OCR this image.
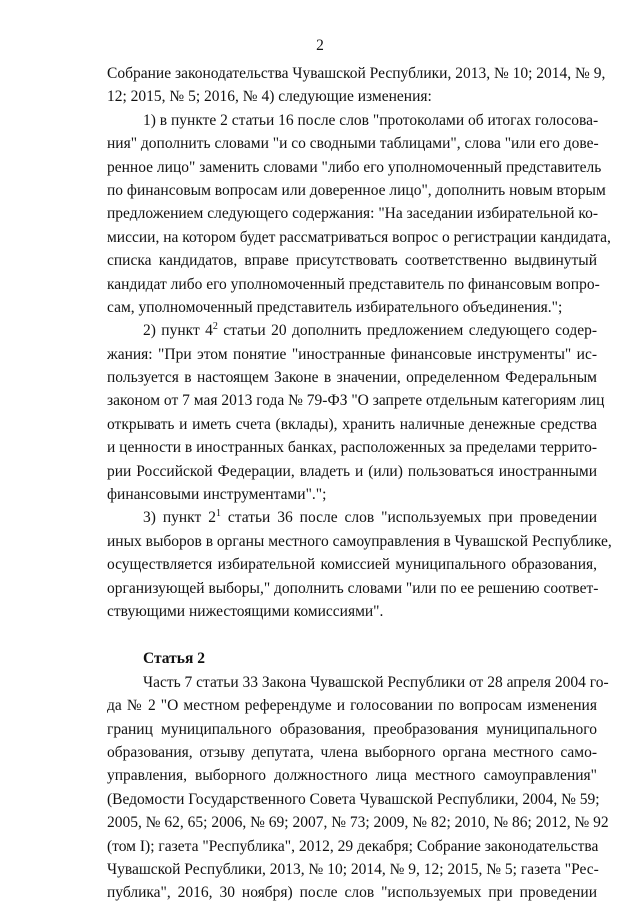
2
Собрание законодательства Чувашской Республики, 2013, № 10; 2014, № 9,
12; 2015, № 5; 2016, № 4) следующие изменения:
1) в пункте 2 статьи 16 после слов "протоколами об итогах голосова-
ния" дополнить словами "и со сводными таблицами", слова "или его дове-
ренное лицо" заменить словами "либо его уполномоченный представитель
по финансовым вопросам или доверенное лицо", дополнить новым вторым
предложением следующего содержания: "На заседании избирательной ко-
миссии, на котором будет рассматриваться вопрос о регистрации кандидата,
списка кандидатов, вправе присутствовать соответственно выдвинутый
кандидат либо его уполномоченный представитель по финансовым вопро-
сам, уполномоченный представитель избирательного объединения.";
2) пункт $4^2$ статьи 20 дополнить предложением следующего содер-
жания: "При этом понятие "иностранные финансовые инструменты" ис-
пользуется в настоящем Законе в значении, определенном Федеральным
законом от 7 мая 2013 года № 79-ФЗ "О запрете отдельным категориям лиц
открывать и иметь счета (вклады), хранить наличные денежные средства
и ценности в иностранных банках, расположенных за пределами террито-
рии Российской Федерации, владеть и (или) пользоваться иностранными
финансовыми инструментами".";
3) пункт $2^1$ статьи 36 после слов "используемых при проведении
иных выборов в органы местного самоуправления в Чувашской Республике,
осуществляется избирательной комиссией муниципального образования,
организующей выборы," дополнить словами "или по ее решению соответ-
ствующими нижестоящими комиссиями".
Статья 2
Часть 7 статьи 33 Закона Чувашской Республики от 28 апреля 2004 го-
да № 2 "О местном референдуме и голосовании по вопросам изменения
границ муниципального образования, преобразования муниципального
образования, отзыву депутата, члена выборного органа местного само-
управления, выборного должностного лица местного самоуправления"
(Ведомости Государственного Совета Чувашской Республики, 2004, № 59;
2005, № 62, 65; 2006, № 69; 2007, № 73; 2009, № 82; 2010, № 86; 2012, № 92
(том I); газета "Республика", 2012, 29 декабря; Собрание законодательства
Чувашской Республики, 2013, № 10; 2014, № 9, 12; 2015, № 5; газета "Рес-
публика", 2016, 30 ноября) после слов "используемых при проведении
